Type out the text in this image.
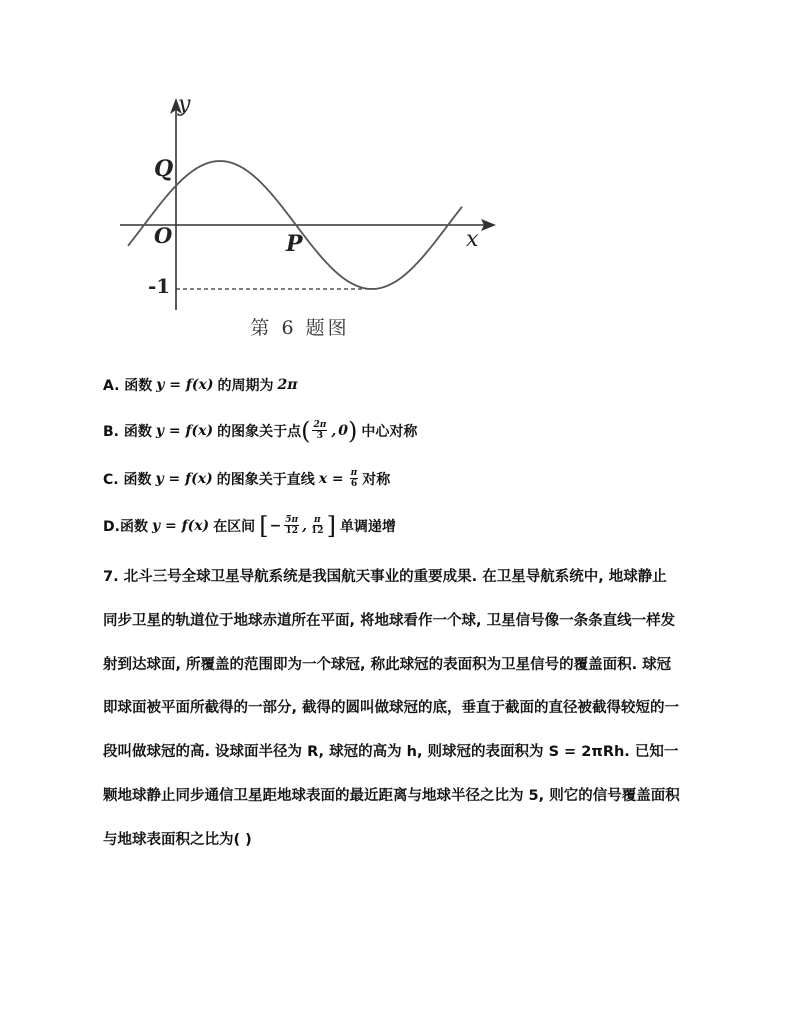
y
Q
O	P	x
-1
第 6 题图
A. 函数 y = f(x) 的周期为 2π
B. 函数 y = f(x) 的图象关于点 ( $\frac{2\pi}{3}$ , 0 ) 中心对称
C. 函数 y = f(x) 的图象关于直线 $x = \frac{\pi}{6}$ 对称
D.函数 y = f(x) 在区间 [ − $\frac{5\pi}{12}$ , $\frac{\pi}{12}$ ] 单调递增
7. 北斗三号全球卫星导航系统是我国航天事业的重要成果. 在卫星导航系统中, 地球静止
同步卫星的轨道位于地球赤道所在平面, 将地球看作一个球, 卫星信号像一条条直线一样发
射到达球面, 所覆盖的范围即为一个球冠, 称此球冠的表面积为卫星信号的覆盖面积. 球冠
即球面被平面所截得的一部分, 截得的圆叫做球冠的底，垂直于截面的直径被截得较短的一
段叫做球冠的高. 设球面半径为 R, 球冠的高为 h, 则球冠的表面积为 S = 2πRh. 已知一
颗地球静止同步通信卫星距地球表面的最近距离与地球半径之比为 5, 则它的信号覆盖面积
与地球表面积之比为( )
